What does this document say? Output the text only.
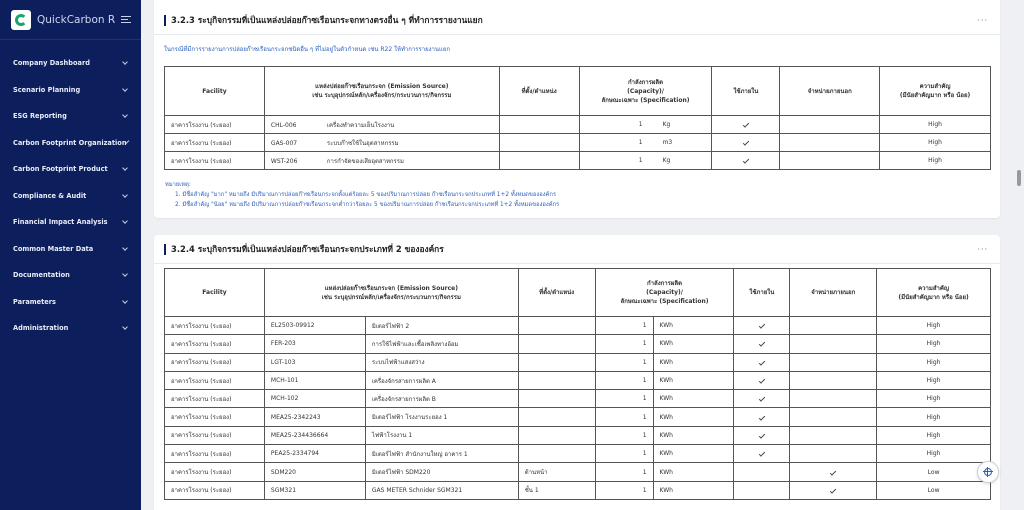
QuickCarbon R
Company Dashboard
Scenario Planning
ESG Reporting
Carbon Footprint Organization
Carbon Footprint Product
Compliance & Audit
Financial Impact Analysis
Common Master Data
Documentation
Parameters
Administration
3.2.3 ระบุกิจกรรมที่เป็นแหล่งปล่อยก๊าซเรือนกระจกทางตรงอื่น ๆ ที่ทำการรายงานแยก	···
ในกรณีที่มีการรายงานการปล่อยก๊าซเรือนกระจกชนิดอื่น ๆ ที่ไม่อยู่ในตัวกำหนด เช่น R22 ให้ทำการรายงานแยก
Facility	แหล่งปล่อยก๊าซเรือนกระจก (Emission Source)
เช่น ระบุอุปกรณ์หลัก/เครื่องจักร/กระบวนการ/กิจกรรม	ที่ตั้ง/ตำแหน่ง	กำลังการผลิต
(Capacity)/
ลักษณะเฉพาะ (Specification)	ใช้ภายใน	จำหน่ายภายนอก	ความสำคัญ
(มีนัยสำคัญมาก หรือ น้อย)
อาคารโรงงาน (ระยอง)	CHL-006 เครื่องทำความเย็นโรงงาน		1 Kg			High
อาคารโรงงาน (ระยอง)	GAS-007 ระบบก๊าซใช้ในอุตสาหกรรม		1 m3			High
อาคารโรงงาน (ระยอง)	WST-206 การกำจัดของเสียอุตสาหกรรม		1 Kg			High
หมายเหตุ:
1. มีชื่อสำคัญ "มาก" หมายถึง มีปริมาณการปล่อยก๊าซเรือนกระจกตั้งแต่ร้อยละ 5 ของปริมาณการปล่อย ก๊าซเรือนกระจกประเภทที่ 1+2 ทั้งหมดขององค์กร
2. มีชื่อสำคัญ "น้อย" หมายถึง มีปริมาณการปล่อยก๊าซเรือนกระจกต่ำกว่าร้อยละ 5 ของปริมาณการปล่อย ก๊าซเรือนกระจกประเภทที่ 1+2 ทั้งหมดขององค์กร
3.2.4 ระบุกิจกรรมที่เป็นแหล่งปล่อยก๊าซเรือนกระจกประเภทที่ 2 ขององค์กร	···
Facility	แหล่งปล่อยก๊าซเรือนกระจก (Emission Source)
เช่น ระบุอุปกรณ์หลัก/เครื่องจักร/กระบวนการ/กิจกรรม		ที่ตั้ง/ตำแหน่ง	กำลังการผลิต
(Capacity)/
ลักษณะเฉพาะ (Specification)		ใช้ภายใน	จำหน่ายภายนอก	ความสำคัญ
(มีนัยสำคัญมาก หรือ น้อย)
อาคารโรงงาน (ระยอง)	EL2503-09912	มิเตอร์ไฟฟ้า 2		1	KWh			High
อาคารโรงงาน (ระยอง)	FER-203	การใช้ไฟฟ้าและเชื้อเพลิงทางอ้อม		1	KWh			High
อาคารโรงงาน (ระยอง)	LGT-103	ระบบไฟฟ้าแสงสว่าง		1	KWh			High
อาคารโรงงาน (ระยอง)	MCH-101	เครื่องจักรสายการผลิต A		1	KWh			High
อาคารโรงงาน (ระยอง)	MCH-102	เครื่องจักรสายการผลิต B		1	KWh			High
อาคารโรงงาน (ระยอง)	MEA25-2342243	มิเตอร์ไฟฟ้า โรงงานระยอง 1		1	KWh			High
อาคารโรงงาน (ระยอง)	MEA25-234436664	ไฟฟ้าโรงงาน 1		1	KWh			High
อาคารโรงงาน (ระยอง)	PEA25-2334794	มิเตอร์ไฟฟ้า สำนักงานใหญ่ อาคาร 1		1	KWh			High
อาคารโรงงาน (ระยอง)	SDM220	มิเตอร์ไฟฟ้า SDM220	ด้านหน้า	1	KWh			Low
อาคารโรงงาน (ระยอง)	SGM321	GAS METER Schnider SGM321	ชั้น 1	1	KWh			Low
